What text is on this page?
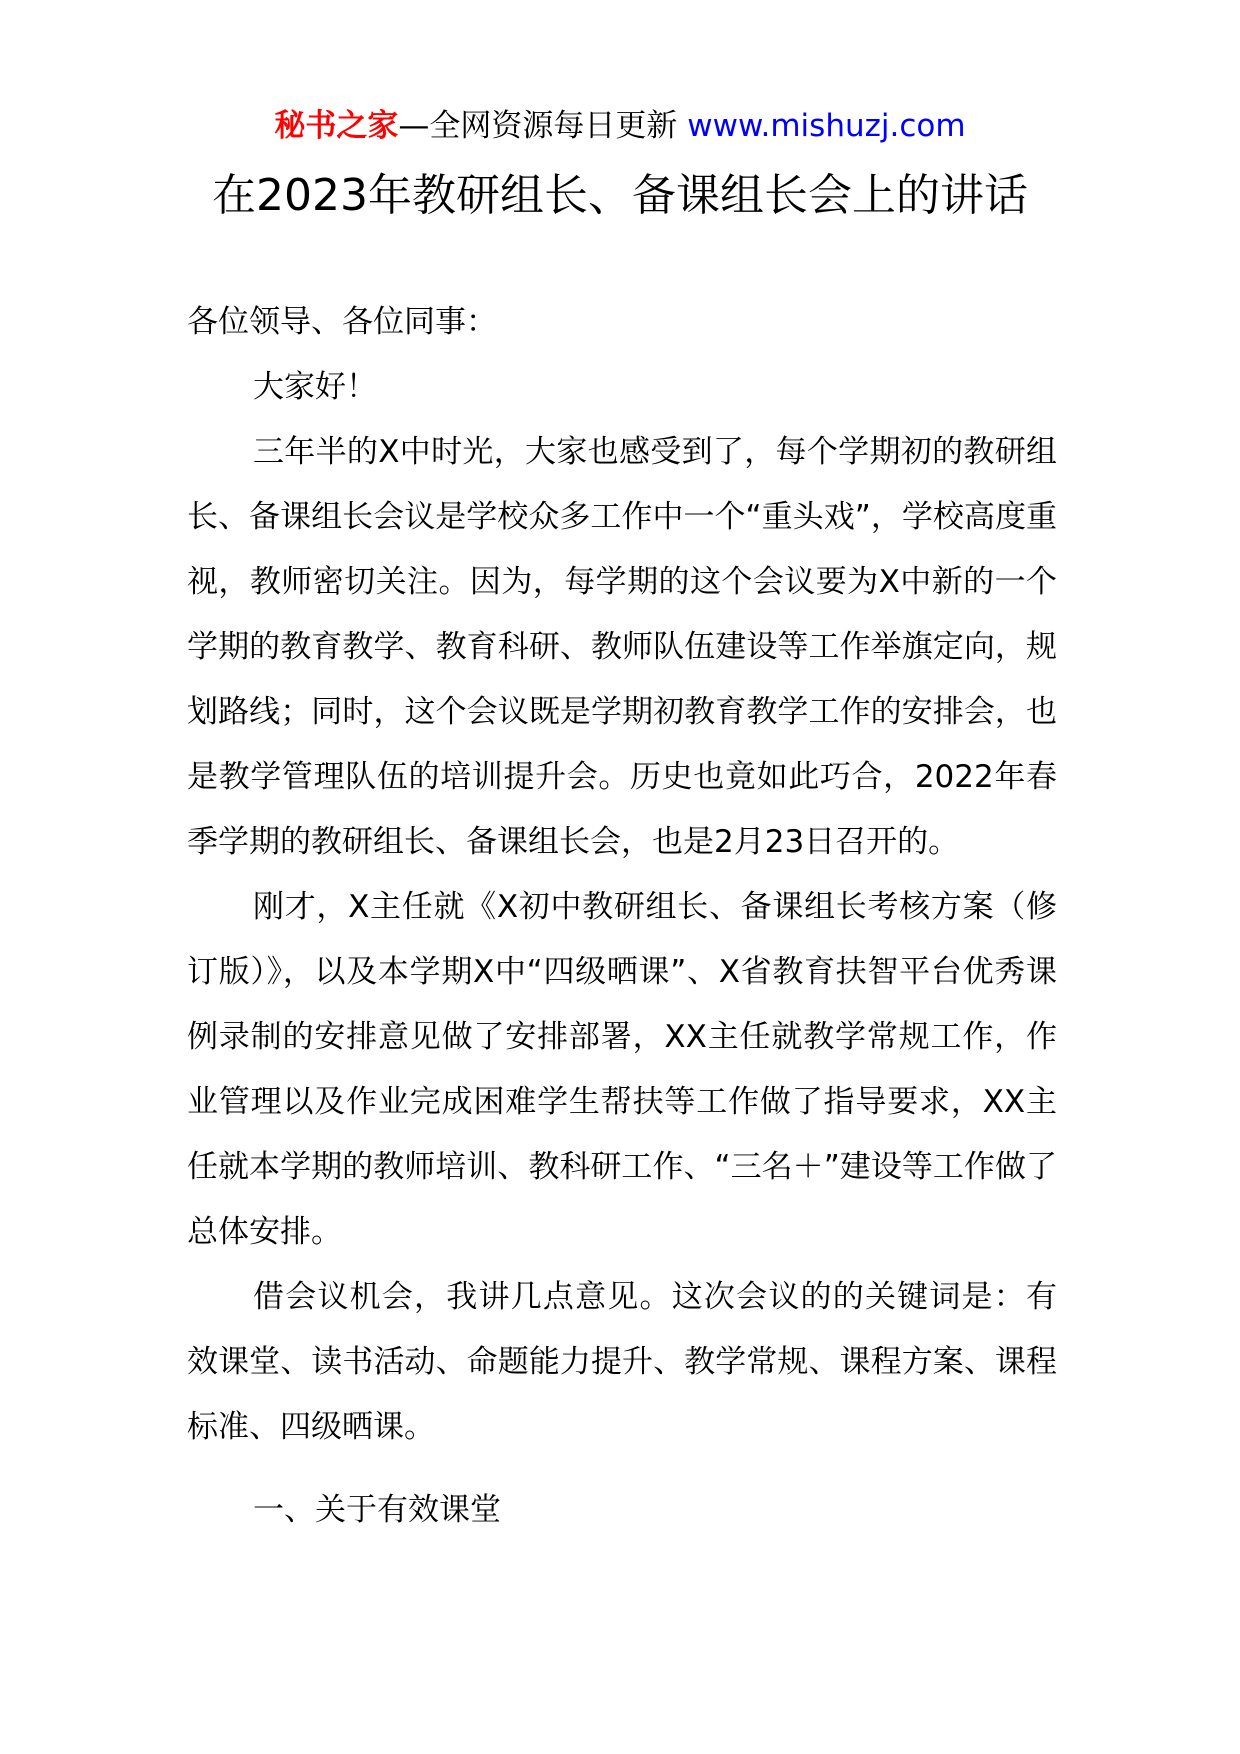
秘书之家—全网资源每日更新 www.mishuzj.com
在2023年教研组长、备课组长会上的讲话

各位领导、各位同事：

大家好！

三年半的X中时光，大家也感受到了，每个学期初的教研组长、备课组长会议是学校众多工作中一个“重头戏”，学校高度重视，教师密切关注。因为，每学期的这个会议要为X中新的一个学期的教育教学、教育科研、教师队伍建设等工作举旗定向，规划路线；同时，这个会议既是学期初教育教学工作的安排会，也是教学管理队伍的培训提升会。历史也竟如此巧合，2022年春季学期的教研组长、备课组长会，也是2月23日召开的。

刚才，X主任就《X初中教研组长、备课组长考核方案（修订版）》，以及本学期X中“四级晒课”、X省教育扶智平台优秀课例录制的安排意见做了安排部署，XX主任就教学常规工作，作业管理以及作业完成困难学生帮扶等工作做了指导要求，XX主任就本学期的教师培训、教科研工作、“三名＋”建设等工作做了总体安排。

借会议机会，我讲几点意见。这次会议的的关键词是：有效课堂、读书活动、命题能力提升、教学常规、课程方案、课程标准、四级晒课。

一、关于有效课堂
